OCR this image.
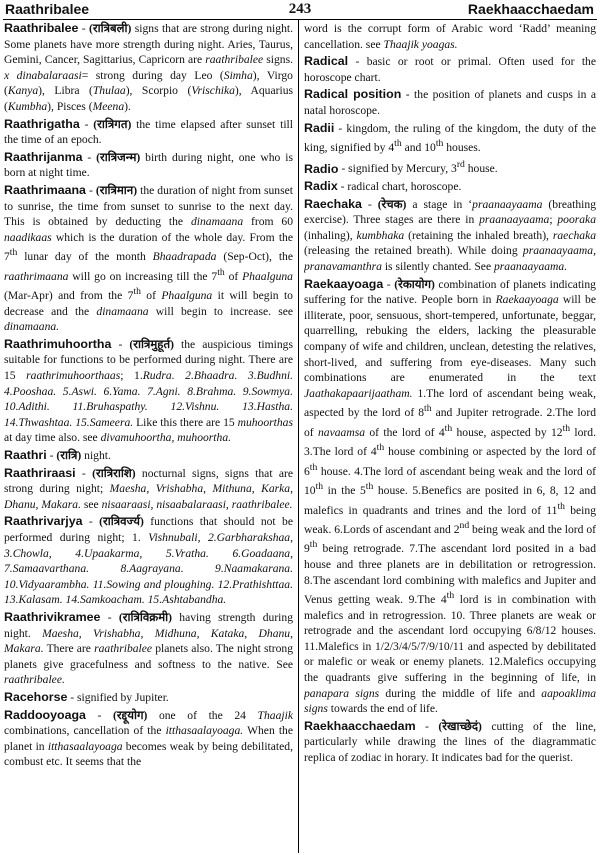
Raathribalee	243	Raekhaacchaedam
Raathribalee - (रात्रिबली) signs that are strong during night. Some planets have more strength during night. Aries, Taurus, Gemini, Cancer, Sagittarius, Capricorn are raathribalee signs. x dinabalaraasi= strong during day Leo (Simha), Virgo (Kanya), Libra (Thulaa), Scorpio (Vrischika), Aquarius (Kumbha), Pisces (Meena).
Raathrigatha - (रात्रिगत) the time elapsed after sunset till the time of an epoch.
Raathrijanma - (रात्रिजन्म) birth during night, one who is born at night time.
Raathrimaana - (रात्रिमान) the duration of night from sunset to sunrise, the time from sunset to sunrise to the next day. This is obtained by deducting the dinamaana from 60 naadikaas which is the duration of the whole day. From the 7th lunar day of the month Bhaadrapada (Sep-Oct), the raathrimaana will go on increasing till the 7th of Phaalguna (Mar-Apr) and from the 7th of Phaalguna it will begin to decrease and the dinamaana will begin to increase. see dinamaana.
Raathrimuhoortha - (रात्रिमुहूर्त) the auspicious timings suitable for functions to be performed during night. There are 15 raathrimuhoorthaas; 1.Rudra. 2.Bhaadra. 3.Budhni. 4.Pooshaa. 5.Aswi. 6.Yama. 7.Agni. 8.Brahma. 9.Sowmya. 10.Adithi. 11.Bruhaspathy. 12.Vishnu. 13.Hastha. 14.Thwashtaa. 15.Sameera. Like this there are 15 muhoorthas at day time also. see divamuhoortha, muhoortha.
Raathri - (रात्रि) night.
Raathriraasi - (रात्रिराशि) nocturnal signs, signs that are strong during night; Maesha, Vrishabha, Mithuna, Karka, Dhanu, Makara. see nisaaraasi, nisaabalaraasi, raathribalee.
Raathrivarjya - (रात्रिवर्ज्य) functions that should not be performed during night; 1. Vishnubali, 2.Garbharakshaa, 3.Chowla, 4.Upaakarma, 5.Vratha. 6.Goadaana, 7.Samaavarthana. 8.Aagrayana. 9.Naamakarana. 10.Vidyaarambha. 11.Sowing and ploughing. 12.Prathishttaa. 13.Kalasam. 14.Samkoacham. 15.Ashtabandha.
Raathrivikramee - (रात्रिविक्रमी) having strength during night. Maesha, Vrishabha, Midhuna, Kataka, Dhanu, Makara. There are raathribalee planets also. The night strong planets give gracefulness and softness to the native. See raathribalee.
Racehorse - signified by Jupiter.
Raddooyoaga - (रद्दूयोग) one of the 24 Thaajik combinations, cancellation of the itthasaalayoaga. When the planet in itthasaalayoaga becomes weak by being debilitated, combust etc. It seems that the
word is the corrupt form of Arabic word ‘Radd’ meaning cancellation. see Thaajik yoagas.
Radical - basic or root or primal. Often used for the horoscope chart.
Radical position - the position of planets and cusps in a natal horoscope.
Radii - kingdom, the ruling of the kingdom, the duty of the king, signified by 4th and 10th houses.
Radio - signified by Mercury, 3rd house.
Radix - radical chart, horoscope.
Raechaka - (रेचक) a stage in ‘praanaayaama (breathing exercise). Three stages are there in praanaayaama; pooraka (inhaling), kumbhaka (retaining the inhaled breath), raechaka (releasing the retained breath). While doing praanaayaama, pranavamanthra is silently chanted. See praanaayaama.
Raekaayoaga - (रेकायोग) combination of planets indicating suffering for the native. People born in Raekaayoaga will be illiterate, poor, sensuous, short-tempered, unfortunate, beggar, quarrelling, rebuking the elders, lacking the pleasurable company of wife and children, unclean, detesting the relatives, short-lived, and suffering from eye-diseases. Many such combinations are enumerated in the text Jaathakapaarijaatham. 1.The lord of ascendant being weak, aspected by the lord of 8th and Jupiter retrograde. 2.The lord of navaamsa of the lord of 4th house, aspected by 12th lord. 3.The lord of 4th house combining or aspected by the lord of 6th house. 4.The lord of ascendant being weak and the lord of 10th in the 5th house. 5.Benefics are posited in 6, 8, 12 and malefics in quadrants and trines and the lord of 11th being weak. 6.Lords of ascendant and 2nd being weak and the lord of 9th being retrograde. 7.The ascendant lord posited in a bad house and three planets are in debilitation or retrogression. 8.The ascendant lord combining with malefics and Jupiter and Venus getting weak. 9.The 4th lord is in combination with malefics and in retrogression. 10. Three planets are weak or retrograde and the ascendant lord occupying 6/8/12 houses. 11.Malefics in 1/2/3/4/5/7/9/10/11 and aspected by debilitated or malefic or weak or enemy planets. 12.Malefics occupying the quadrants give suffering in the beginning of life, in panapara signs during the middle of life and aapoaklima signs towards the end of life.
Raekhaacchaedam - (रेखाच्छेदं) cutting of the line, particularly while drawing the lines of the diagrammatic replica of zodiac in horary. It indicates bad for the querist.
